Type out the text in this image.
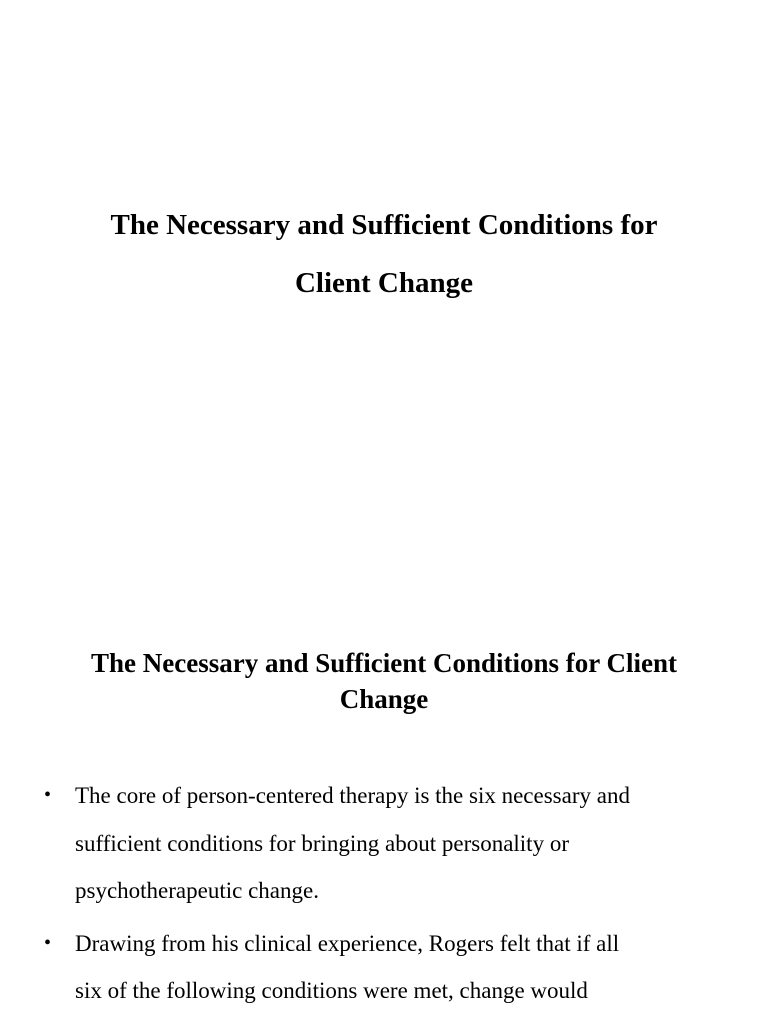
The Necessary and Sufficient Conditions for
Client Change
The Necessary and Sufficient Conditions for Client
Change
• The core of person-centered therapy is the six necessary and
sufficient conditions for bringing about personality or
psychotherapeutic change.
• Drawing from his clinical experience, Rogers felt that if all
six of the following conditions were met, change would
